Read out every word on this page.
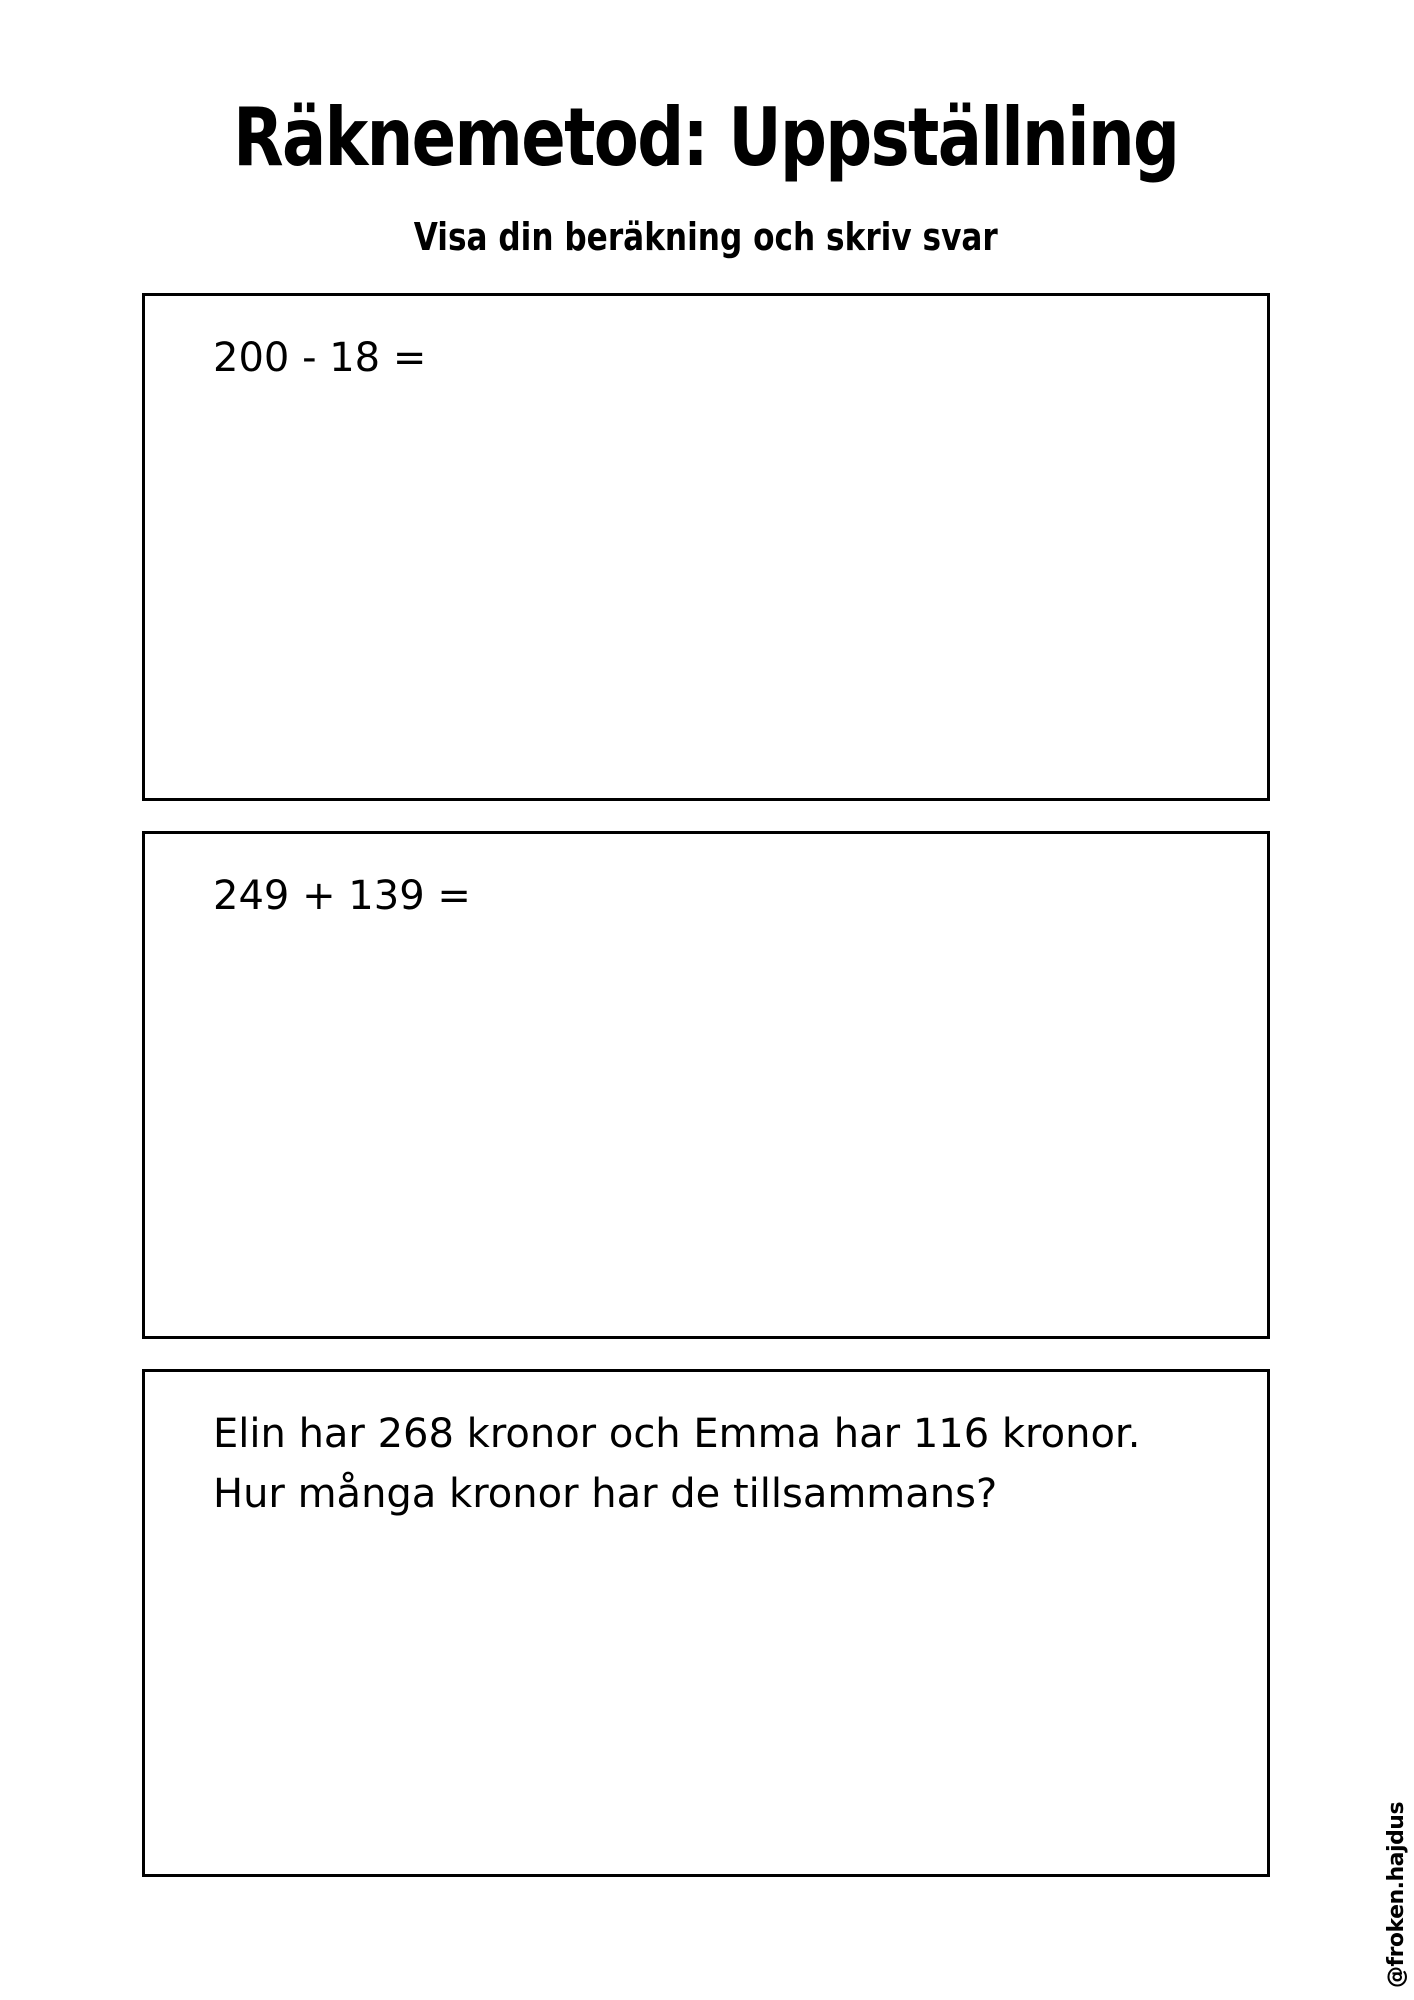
Räknemetod: Uppställning

Visa din beräkning och skriv svar

200 - 18 =
249 + 139 =
Elin har 268 kronor och Emma har 116 kronor.
Hur många kronor har de tillsammans?
@froken.hajdus
